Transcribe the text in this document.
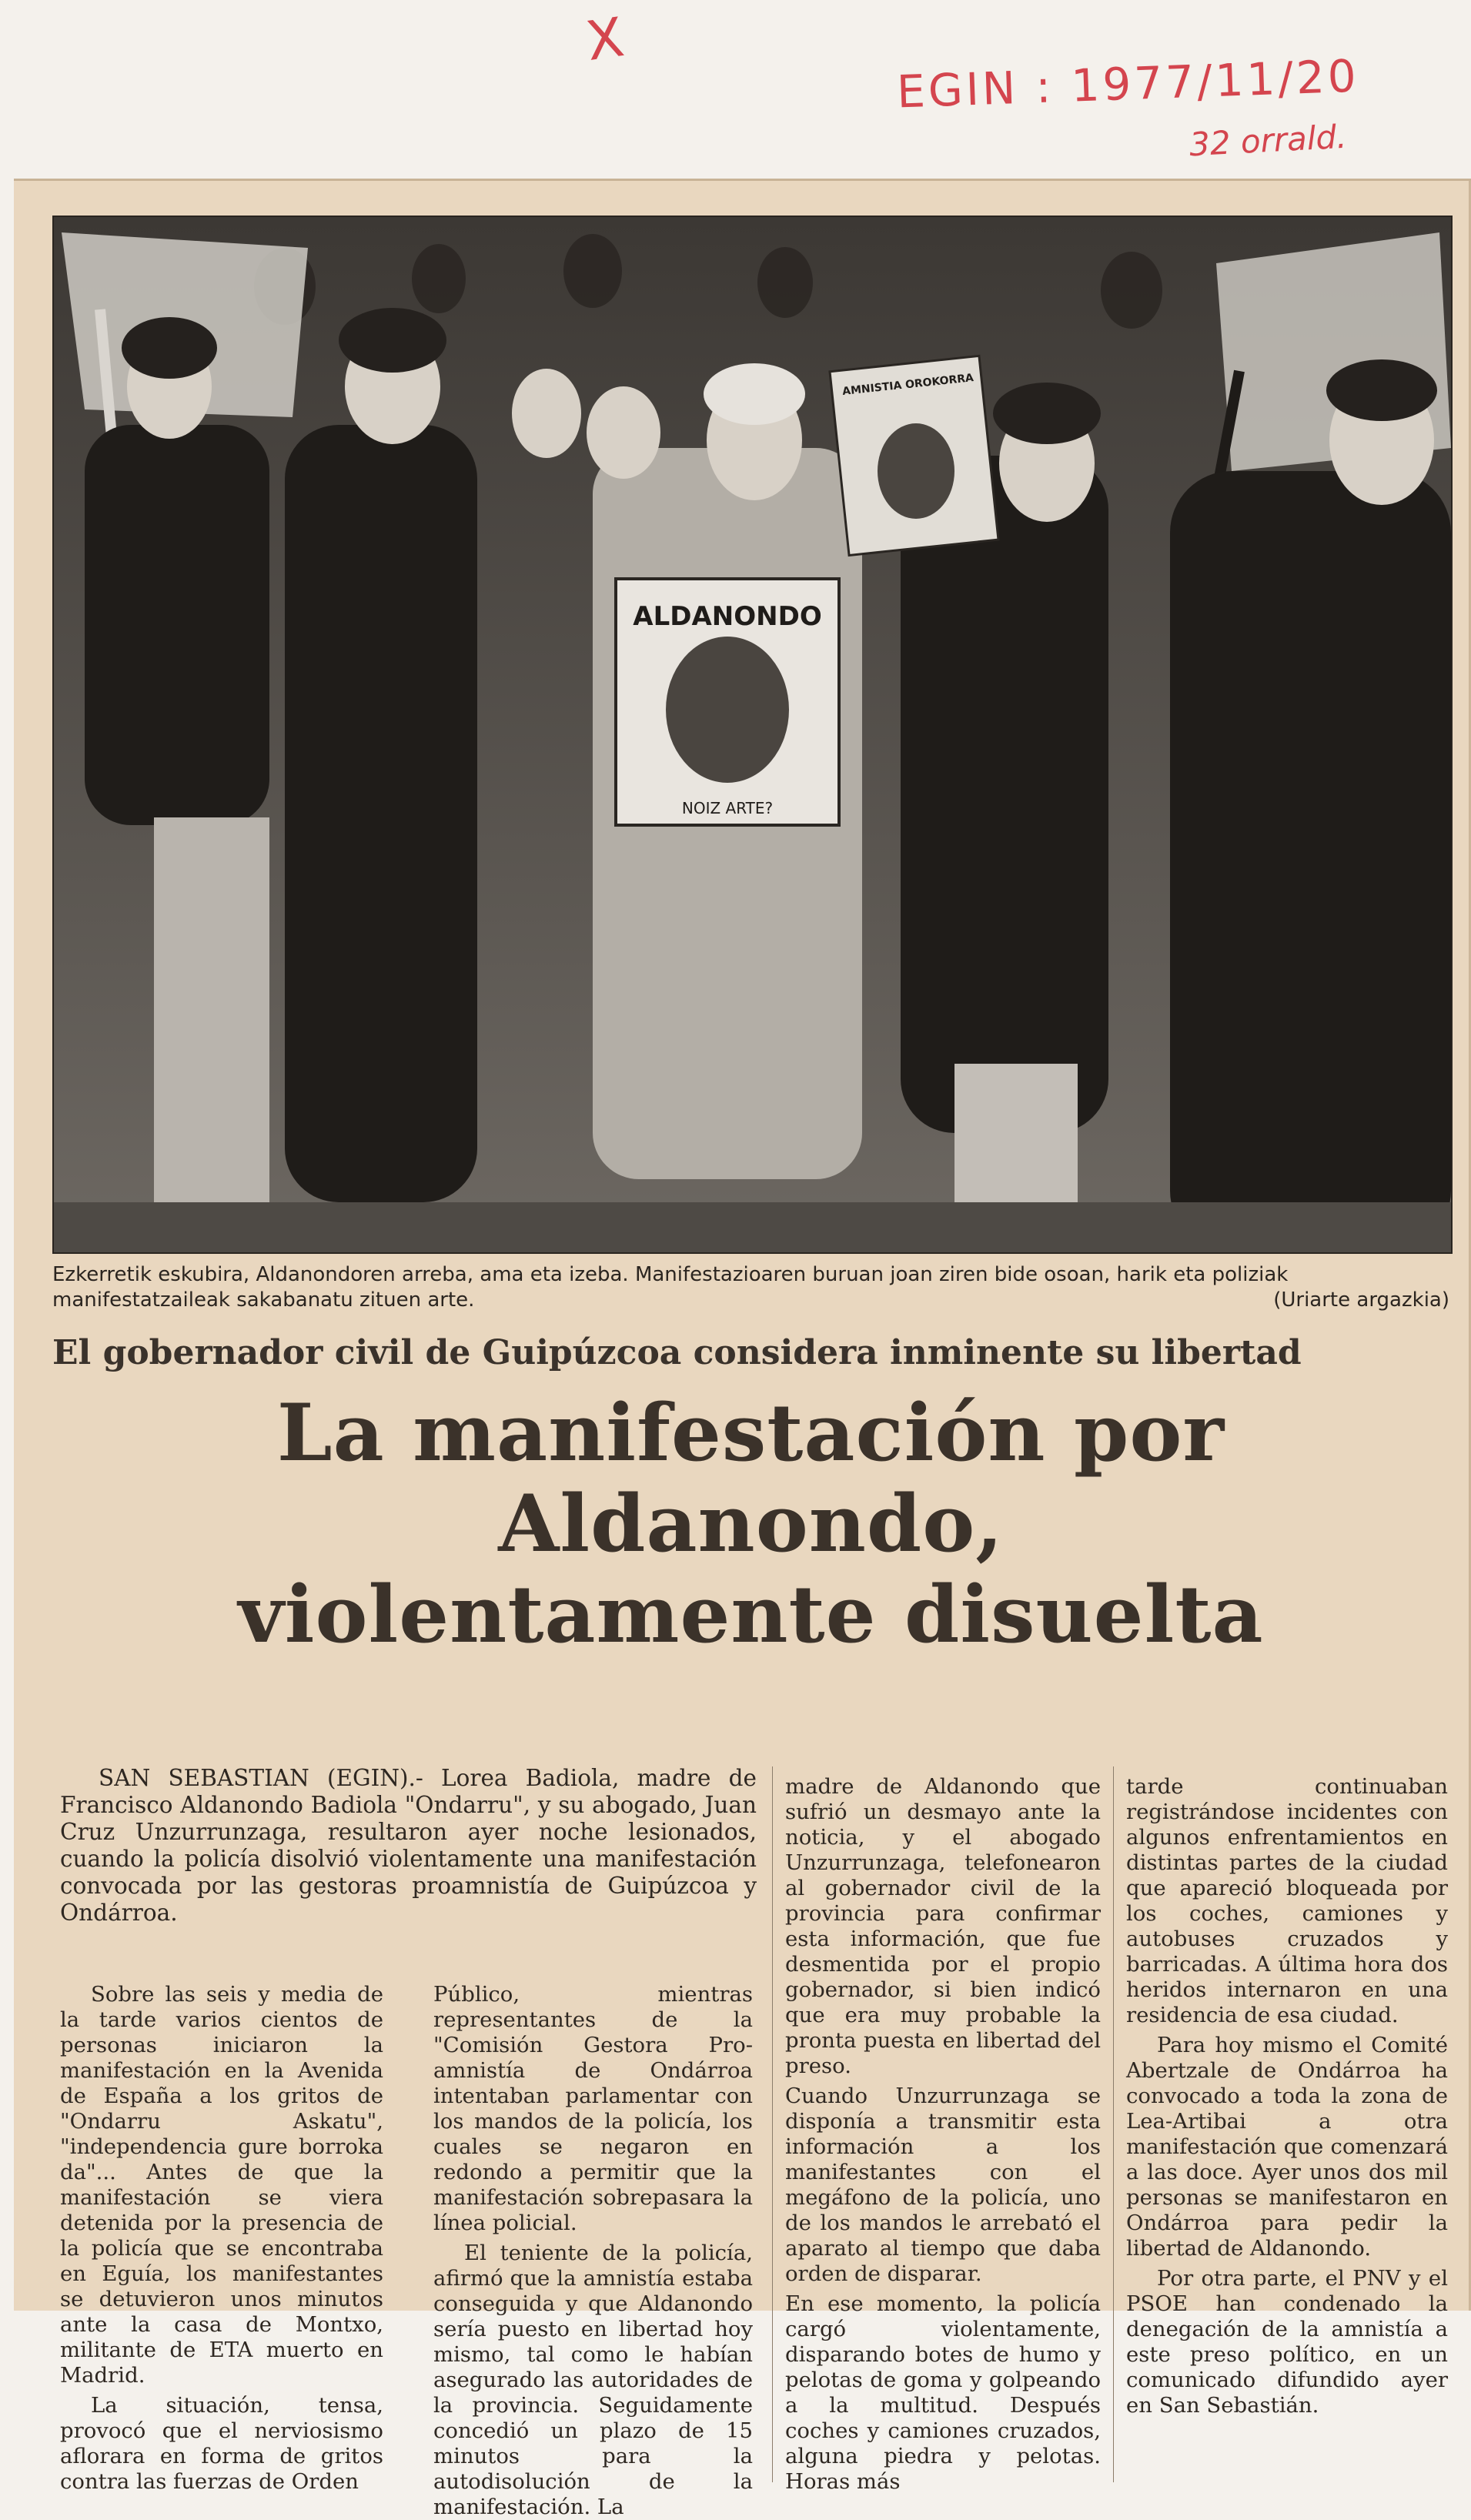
X
EGIN : 1977/11/20
32 orrald.
ALDANONDO
NOIZ ARTE?
AMNISTIA OROKORRA
Ezkerretik eskubira, Aldanondoren arreba, ama eta izeba. Manifestazioaren buruan joan ziren bide osoan, harik eta poliziak manifestatzaileak sakabanatu zituen arte.	(Uriarte argazkia)
El gobernador civil de Guipúzcoa considera inminente su libertad
La manifestación por Aldanondo,
violentamente disuelta
SAN SEBASTIAN (EGIN).- Lorea Badiola, madre de Francisco Aldanondo Badiola "Ondarru", y su abogado, Juan Cruz Unzurrunzaga, resultaron ayer noche lesionados, cuando la policía disolvió violentamente una manifestación convocada por las gestoras proamnistía de Guipúzcoa y Ondárroa.

Sobre las seis y media de la tarde varios cientos de personas iniciaron la manifestación en la Avenida de España a los gritos de "Ondarru Askatu", "independencia gure borroka da"... Antes de que la manifestación se viera detenida por la presencia de la policía que se encontraba en Eguía, los manifestantes se detuvieron unos minutos ante la casa de Montxo, militante de ETA muerto en Madrid.

La situación, tensa, provocó que el nerviosismo aflorara en forma de gritos contra las fuerzas de Orden

Público, mientras representantes de la "Comisión Gestora Pro-amnistía de Ondárroa intentaban parlamentar con los mandos de la policía, los cuales se negaron en redondo a permitir que la manifestación sobrepasara la línea policial.

El teniente de la policía, afirmó que la amnistía estaba conseguida y que Aldanondo sería puesto en libertad hoy mismo, tal como le habían asegurado las autoridades de la provincia. Seguidamente concedió un plazo de 15 minutos para la autodisolución de la manifestación. La

madre de Aldanondo que sufrió un desmayo ante la noticia, y el abogado Unzurrunzaga, telefonearon al gobernador civil de la provincia para confirmar esta información, que fue desmentida por el propio gobernador, si bien indicó que era muy probable la pronta puesta en libertad del preso.

Cuando Unzurrunzaga se disponía a transmitir esta información a los manifestantes con el megáfono de la policía, uno de los mandos le arrebató el aparato al tiempo que daba orden de disparar.

En ese momento, la policía cargó violentamente, disparando botes de humo y pelotas de goma y golpeando a la multitud. Después coches y camiones cruzados, alguna piedra y pelotas. Horas más

tarde continuaban registrándose incidentes con algunos enfrentamientos en distintas partes de la ciudad que apareció bloqueada por los coches, camiones y autobuses cruzados y barricadas. A última hora dos heridos internaron en una residencia de esa ciudad.

Para hoy mismo el Comité Abertzale de Ondárroa ha convocado a toda la zona de Lea-Artibai a otra manifestación que comenzará a las doce. Ayer unos dos mil personas se manifestaron en Ondárroa para pedir la libertad de Aldanondo.

Por otra parte, el PNV y el PSOE han condenado la denegación de la amnistía a este preso político, en un comunicado difundido ayer en San Sebastián.
